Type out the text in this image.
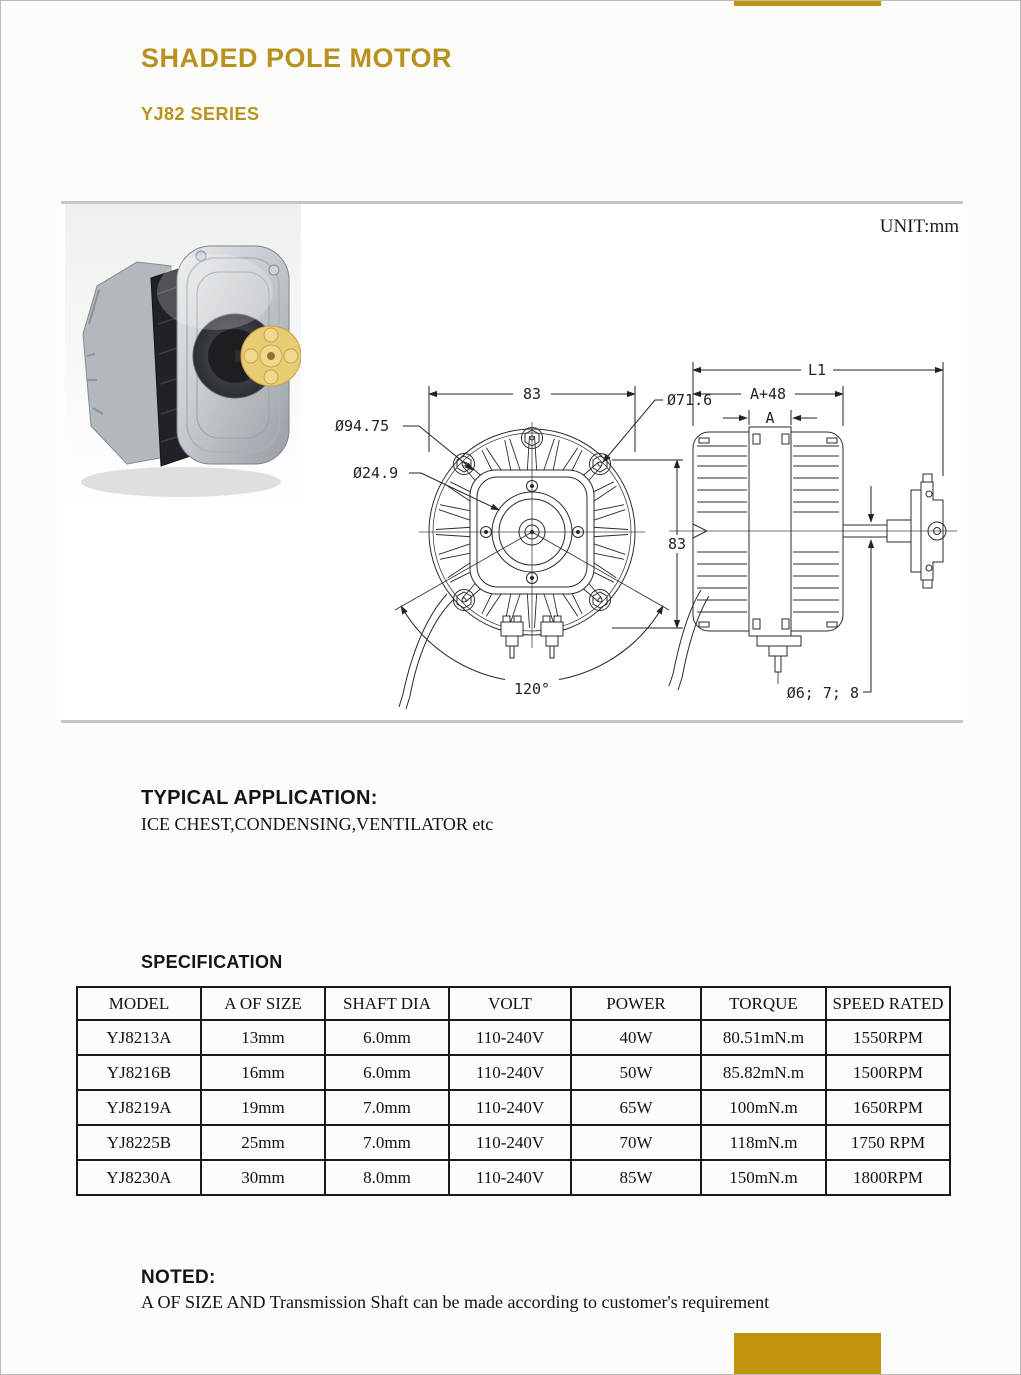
SHADED POLE MOTOR
YJ82 SERIES
UNIT:mm
83
83
Ø94.75
Ø24.9
Ø71.6
120°
L1
A+48
A
Ø6; 7; 8
TYPICAL APPLICATION:

ICE CHEST,CONDENSING,VENTILATOR etc

SPECIFICATION
MODEL	A OF SIZE	SHAFT DIA	VOLT	POWER	TORQUE	SPEED RATED
YJ8213A	13mm	6.0mm	110-240V	40W	80.51mN.m	1550RPM
YJ8216B	16mm	6.0mm	110-240V	50W	85.82mN.m	1500RPM
YJ8219A	19mm	7.0mm	110-240V	65W	100mN.m	1650RPM
YJ8225B	25mm	7.0mm	110-240V	70W	118mN.m	1750 RPM
YJ8230A	30mm	8.0mm	110-240V	85W	150mN.m	1800RPM
NOTED:

A OF SIZE AND Transmission Shaft can be made according to customer's requirement
